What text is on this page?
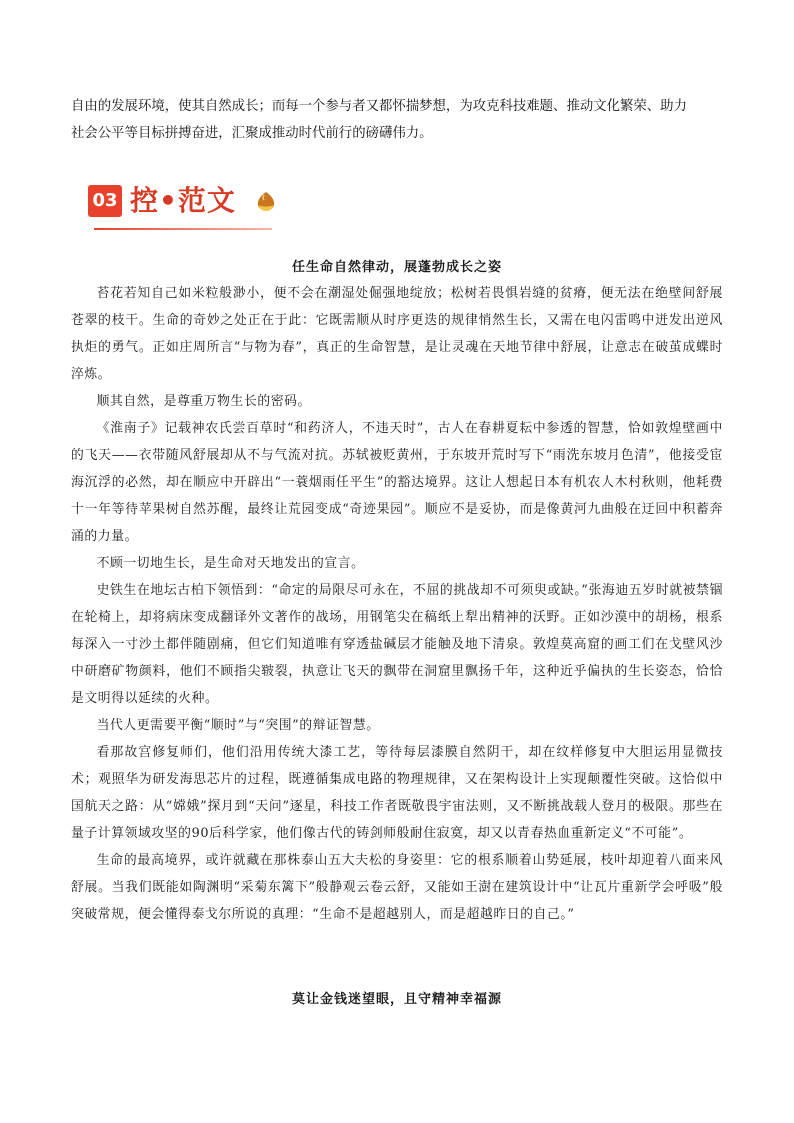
自由的发展环境，使其自然成长；而每一个参与者又都怀揣梦想，为攻克科技难题、推动文化繁荣、助力

社会公平等目标拼搏奋进，汇聚成推动时代前行的磅礴伟力。

03 控•范文
任生命自然律动，展蓬勃成长之姿

苔花若知自己如米粒般渺小，便不会在潮湿处倔强地绽放；松树若畏惧岩缝的贫瘠，便无法在绝壁间舒展苍翠的枝干。生命的奇妙之处正在于此：它既需顺从时序更迭的规律悄然生长，又需在电闪雷鸣中迸发出逆风执炬的勇气。正如庄周所言“与物为春”，真正的生命智慧，是让灵魂在天地节律中舒展，让意志在破茧成蝶时淬炼。

顺其自然，是尊重万物生长的密码。

《淮南子》记载神农氏尝百草时“和药济人，不违天时”，古人在春耕夏耘中参透的智慧，恰如敦煌壁画中的飞天——衣带随风舒展却从不与气流对抗。苏轼被贬黄州，于东坡开荒时写下“雨洗东坡月色清”，他接受宦海沉浮的必然，却在顺应中开辟出“一蓑烟雨任平生”的豁达境界。这让人想起日本有机农人木村秋则，他耗费十一年等待苹果树自然苏醒，最终让荒园变成“奇迹果园”。顺应不是妥协，而是像黄河九曲般在迂回中积蓄奔涌的力量。

不顾一切地生长，是生命对天地发出的宣言。

史铁生在地坛古柏下领悟到：“命定的局限尽可永在，不屈的挑战却不可须臾或缺。”张海迪五岁时就被禁锢在轮椅上，却将病床变成翻译外文著作的战场，用钢笔尖在稿纸上犁出精神的沃野。正如沙漠中的胡杨，根系每深入一寸沙土都伴随剧痛，但它们知道唯有穿透盐碱层才能触及地下清泉。敦煌莫高窟的画工们在戈壁风沙中研磨矿物颜料，他们不顾指尖皲裂，执意让飞天的飘带在洞窟里飘扬千年，这种近乎偏执的生长姿态，恰恰是文明得以延续的火种。

当代人更需要平衡“顺时”与“突围”的辩证智慧。

看那故宫修复师们，他们沿用传统大漆工艺，等待每层漆膜自然阴干，却在纹样修复中大胆运用显微技术；观照华为研发海思芯片的过程，既遵循集成电路的物理规律，又在架构设计上实现颠覆性突破。这恰似中国航天之路：从“嫦娥”探月到“天问”逐星，科技工作者既敬畏宇宙法则，又不断挑战载人登月的极限。那些在量子计算领域攻坚的90后科学家，他们像古代的铸剑师般耐住寂寞，却又以青春热血重新定义“不可能”。

生命的最高境界，或许就藏在那株泰山五大夫松的身姿里：它的根系顺着山势延展，枝叶却迎着八面来风舒展。当我们既能如陶渊明“采菊东篱下”般静观云卷云舒，又能如王澍在建筑设计中“让瓦片重新学会呼吸”般突破常规，便会懂得泰戈尔所说的真理：“生命不是超越别人，而是超越昨日的自己。”

莫让金钱迷望眼，且守精神幸福源
